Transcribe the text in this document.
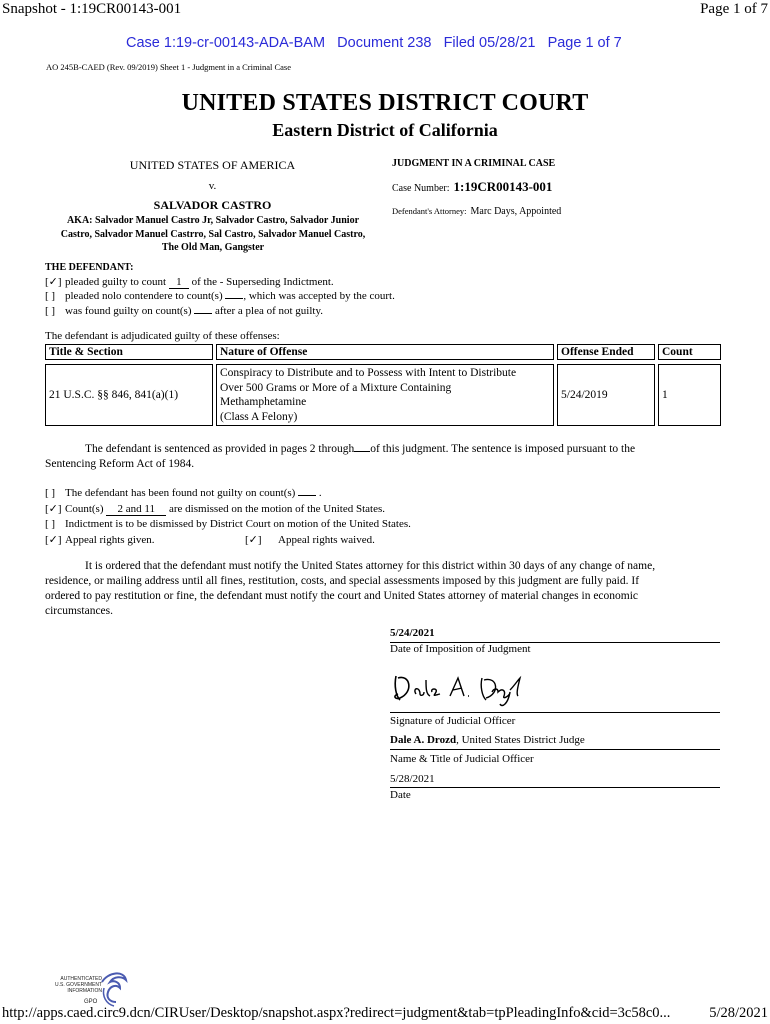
Snapshot - 1:19CR00143-001	Page 1 of 7
Case 1:19-cr-00143-ADA-BAM Document 238 Filed 05/28/21 Page 1 of 7
AO 245B-CAED (Rev. 09/2019) Sheet 1 - Judgment in a Criminal Case
UNITED STATES DISTRICT COURT
Eastern District of California
UNITED STATES OF AMERICA
v.
SALVADOR CASTRO
AKA: Salvador Manuel Castro Jr, Salvador Castro, Salvador Junior Castro, Salvador Manuel Castrro, Sal Castro, Salvador Manuel Castro, The Old Man, Gangster
JUDGMENT IN A CRIMINAL CASE
Case Number: 1:19CR00143-001
Defendant's Attorney: Marc Days, Appointed
THE DEFENDANT:
[✓] pleaded guilty to count 1 of the - Superseding Indictment.
[ ] pleaded nolo contendere to count(s) , which was accepted by the court.
[ ] was found guilty on count(s) after a plea of not guilty.
The defendant is adjudicated guilty of these offenses:
Title & Section		Nature of Offense		Offense Ended		Count

21 U.S.C. §§ 846, 841(a)(1)		Conspiracy to Distribute and to Possess with Intent to Distribute
Over 500 Grams or More of a Mixture Containing
Methamphetamine
(Class A Felony)		5/24/2019		1
The defendant is sentenced as provided in pages 2 through of this judgment. The sentence is imposed pursuant to the
Sentencing Reform Act of 1984.
[ ] The defendant has been found not guilty on count(s) .
[✓] Count(s) 2 and 11 are dismissed on the motion of the United States.
[ ] Indictment is to be dismissed by District Court on motion of the United States.
[✓] Appeal rights given.	[✓] Appeal rights waived.
It is ordered that the defendant must notify the United States attorney for this district within 30 days of any change of name,
residence, or mailing address until all fines, restitution, costs, and special assessments imposed by this judgment are fully paid. If
ordered to pay restitution or fine, the defendant must notify the court and United States attorney of material changes in economic
circumstances.
5/24/2021
Date of Imposition of Judgment
Signature of Judicial Officer
Dale A. Drozd, United States District Judge
Name & Title of Judicial Officer
5/28/2021
Date
AUTHENTICATED
U.S. GOVERNMENT
INFORMATION
GPO
http://apps.caed.circ9.dcn/CIRUser/Desktop/snapshot.aspx?redirect=judgment&tab=tpPleadingInfo&cid=3c58c0...	5/28/2021
